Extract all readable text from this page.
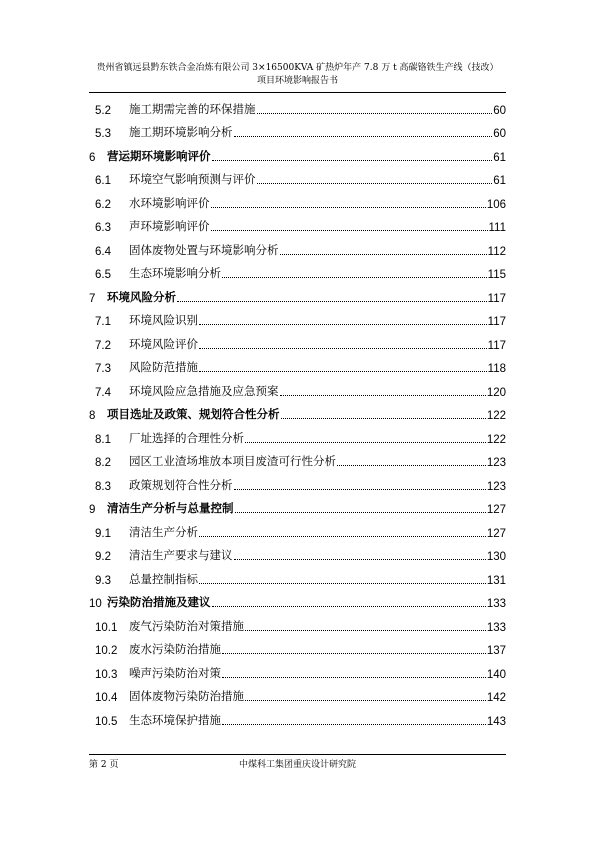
贵州省镇远县黔东铁合金冶炼有限公司 3×16500KVA 矿热炉年产 7.8 万 t 高碳铬铁生产线（技改）
项目环境影响报告书
5.2	施工期需完善的环保措施	60
5.3	施工期环境影响分析	60
6	营运期环境影响评价	61
6.1	环境空气影响预测与评价	61
6.2	水环境影响评价	106
6.3	声环境影响评价	111
6.4	固体废物处置与环境影响分析	112
6.5	生态环境影响分析	115
7	环境风险分析	117
7.1	环境风险识别	117
7.2	环境风险评价	117
7.3	风险防范措施	118
7.4	环境风险应急措施及应急预案	120
8	项目选址及政策、规划符合性分析	122
8.1	厂址选择的合理性分析	122
8.2	园区工业渣场堆放本项目废渣可行性分析	123
8.3	政策规划符合性分析	123
9	清洁生产分析与总量控制	127
9.1	清洁生产分析	127
9.2	清洁生产要求与建议	130
9.3	总量控制指标	131
10 污染防治措施及建议	133
10.1	废气污染防治对策措施	133
10.2	废水污染防治措施	137
10.3	噪声污染防治对策	140
10.4	固体废物污染防治措施	142
10.5	生态环境保护措施	143
第 2 页	中煤科工集团重庆设计研究院
